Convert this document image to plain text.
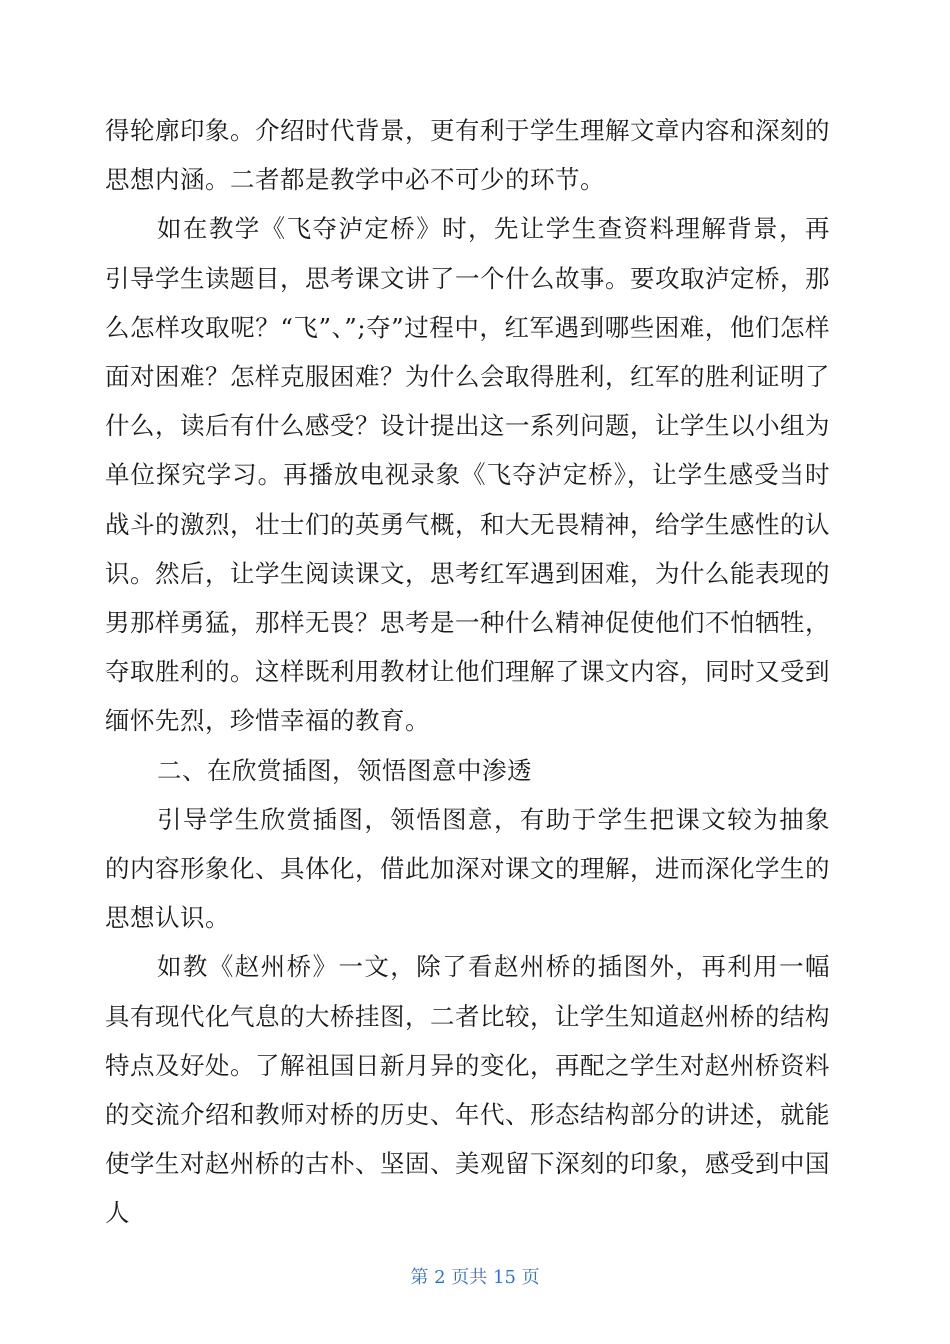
得轮廓印象。介绍时代背景，更有利于学生理解文章内容和深刻的思想内涵。二者都是教学中必不可少的环节。

如在教学《飞夺泸定桥》时，先让学生查资料理解背景，再引导学生读题目，思考课文讲了一个什么故事。要攻取泸定桥，那么怎样攻取呢？“飞”、”;夺”过程中，红军遇到哪些困难，他们怎样面对困难？怎样克服困难？为什么会取得胜利，红军的胜利证明了什么，读后有什么感受？设计提出这一系列问题，让学生以小组为单位探究学习。再播放电视录象《飞夺泸定桥》，让学生感受当时战斗的激烈，壮士们的英勇气概，和大无畏精神，给学生感性的认识。然后，让学生阅读课文，思考红军遇到困难，为什么能表现的男那样勇猛，那样无畏？思考是一种什么精神促使他们不怕牺牲，夺取胜利的。这样既利用教材让他们理解了课文内容，同时又受到缅怀先烈，珍惜幸福的教育。

二、在欣赏插图，领悟图意中渗透

引导学生欣赏插图，领悟图意，有助于学生把课文较为抽象的内容形象化、具体化，借此加深对课文的理解，进而深化学生的思想认识。

如教《赵州桥》一文，除了看赵州桥的插图外，再利用一幅具有现代化气息的大桥挂图，二者比较，让学生知道赵州桥的结构特点及好处。了解祖国日新月异的变化，再配之学生对赵州桥资料的交流介绍和教师对桥的历史、年代、形态结构部分的讲述，就能使学生对赵州桥的古朴、坚固、美观留下深刻的印象，感受到中国人

第 2 页共 15 页
